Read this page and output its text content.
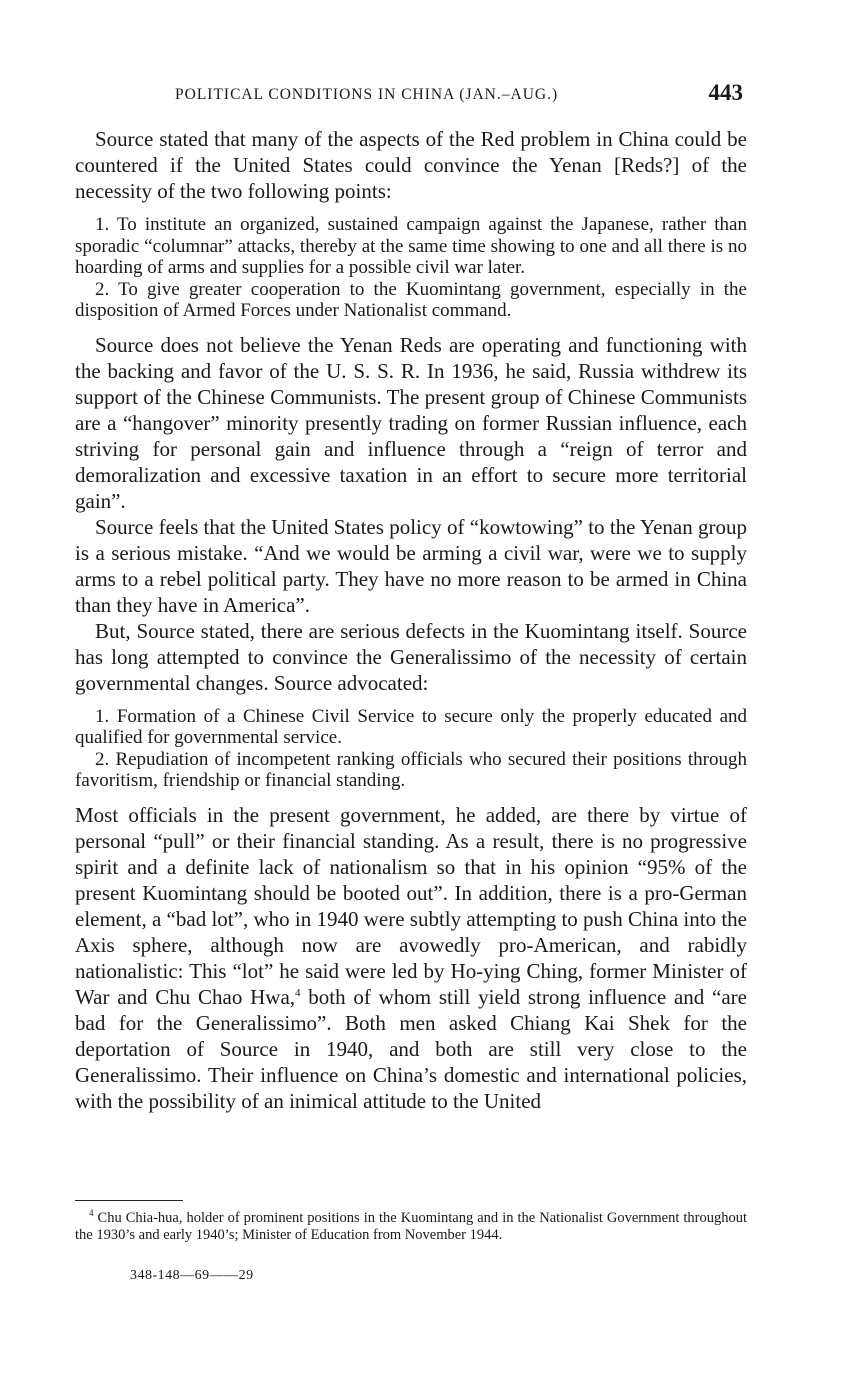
POLITICAL CONDITIONS IN CHINA (JAN.–AUG.)	443

Source stated that many of the aspects of the Red problem in China could be countered if the United States could convince the Yenan [Reds?] of the necessity of the two following points:

1. To institute an organized, sustained campaign against the Japanese, rather than sporadic “columnar” attacks, thereby at the same time showing to one and all there is no hoarding of arms and supplies for a possible civil war later.

2. To give greater cooperation to the Kuomintang government, especially in the disposition of Armed Forces under Nationalist command.

Source does not believe the Yenan Reds are operating and functioning with the backing and favor of the U. S. S. R. In 1936, he said, Russia withdrew its support of the Chinese Communists. The present group of Chinese Communists are a “hangover” minority presently trading on former Russian influence, each striving for personal gain and influence through a “reign of terror and demoralization and excessive taxation in an effort to secure more territorial gain”.

Source feels that the United States policy of “kowtowing” to the Yenan group is a serious mistake. “And we would be arming a civil war, were we to supply arms to a rebel political party. They have no more reason to be armed in China than they have in America”.

But, Source stated, there are serious defects in the Kuomintang itself. Source has long attempted to convince the Generalissimo of the necessity of certain governmental changes. Source advocated:

1. Formation of a Chinese Civil Service to secure only the properly educated and qualified for governmental service.

2. Repudiation of incompetent ranking officials who secured their positions through favoritism, friendship or financial standing.

Most officials in the present government, he added, are there by virtue of personal “pull” or their financial standing. As a result, there is no progressive spirit and a definite lack of nationalism so that in his opinion “95% of the present Kuomintang should be booted out”. In addition, there is a pro-German element, a “bad lot”, who in 1940 were subtly attempting to push China into the Axis sphere, although now are avowedly pro-American, and rabidly nationalistic: This “lot” he said were led by Ho-ying Ching, former Minister of War and Chu Chao Hwa,$^4$ both of whom still yield strong influence and “are bad for the Generalissimo”. Both men asked Chiang Kai Shek for the deportation of Source in 1940, and both are still very close to the Generalissimo. Their influence on China’s domestic and international policies, with the possibility of an inimical attitude to the United

$^4$ Chu Chia-hua, holder of prominent positions in the Kuomintang and in the Nationalist Government throughout the 1930’s and early 1940’s; Minister of Education from November 1944.

348-148—69——29
